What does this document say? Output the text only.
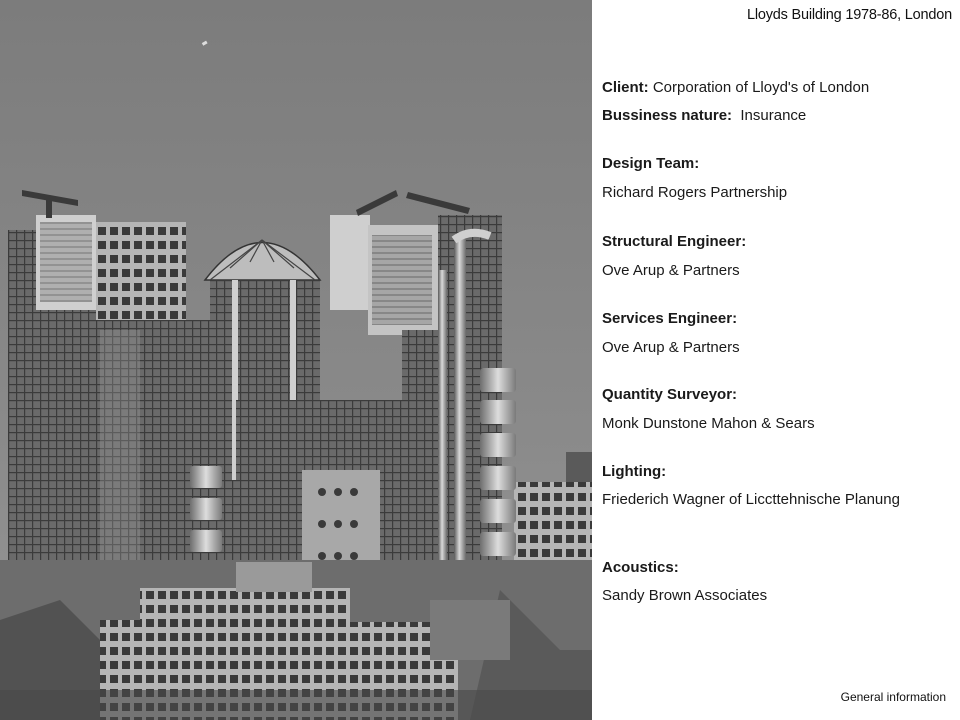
Lloyds Building 1978-86, London
Client: Corporation of Lloyd's of London
Bussiness nature: Insurance
Design Team:
Richard Rogers Partnership
Structural Engineer:
Ove Arup & Partners
Services Engineer:
Ove Arup & Partners
Quantity Surveyor:
Monk Dunstone Mahon & Sears
Lighting:
Friederich Wagner of Liccttehnische Planung
Acoustics:
Sandy Brown Associates
General information
